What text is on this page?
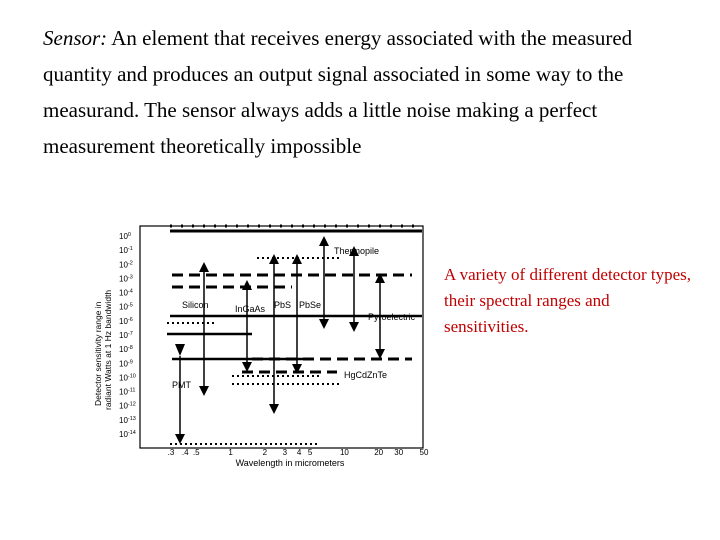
Sensor: An element that receives energy associated with the measured quantity and produces an output signal associated in some way to the measurand. The sensor always adds a little noise making a perfect measurement theoretically impossible

Detector sensitivity range in radiant Watts at 1 Hz bandwidth
$10^0$
$10^{-1}$
$10^{-2}$
$10^{-3}$
$10^{-4}$
$10^{-5}$
$10^{-6}$
$10^{-7}$
$10^{-8}$
$10^{-9}$
$10^{-10}$
$10^{-11}$
$10^{-12}$
$10^{-13}$
$10^{-14}$
.3 .4 .5	1	2 3 4 5	10	20 30 50
Wavelength in micrometers
Thermopile
Silicon	InGaAs PbS PbSe
Pyroelectric
HgCdZnTe
PMT

A variety of different detector types, their spectral ranges and sensitivities.
